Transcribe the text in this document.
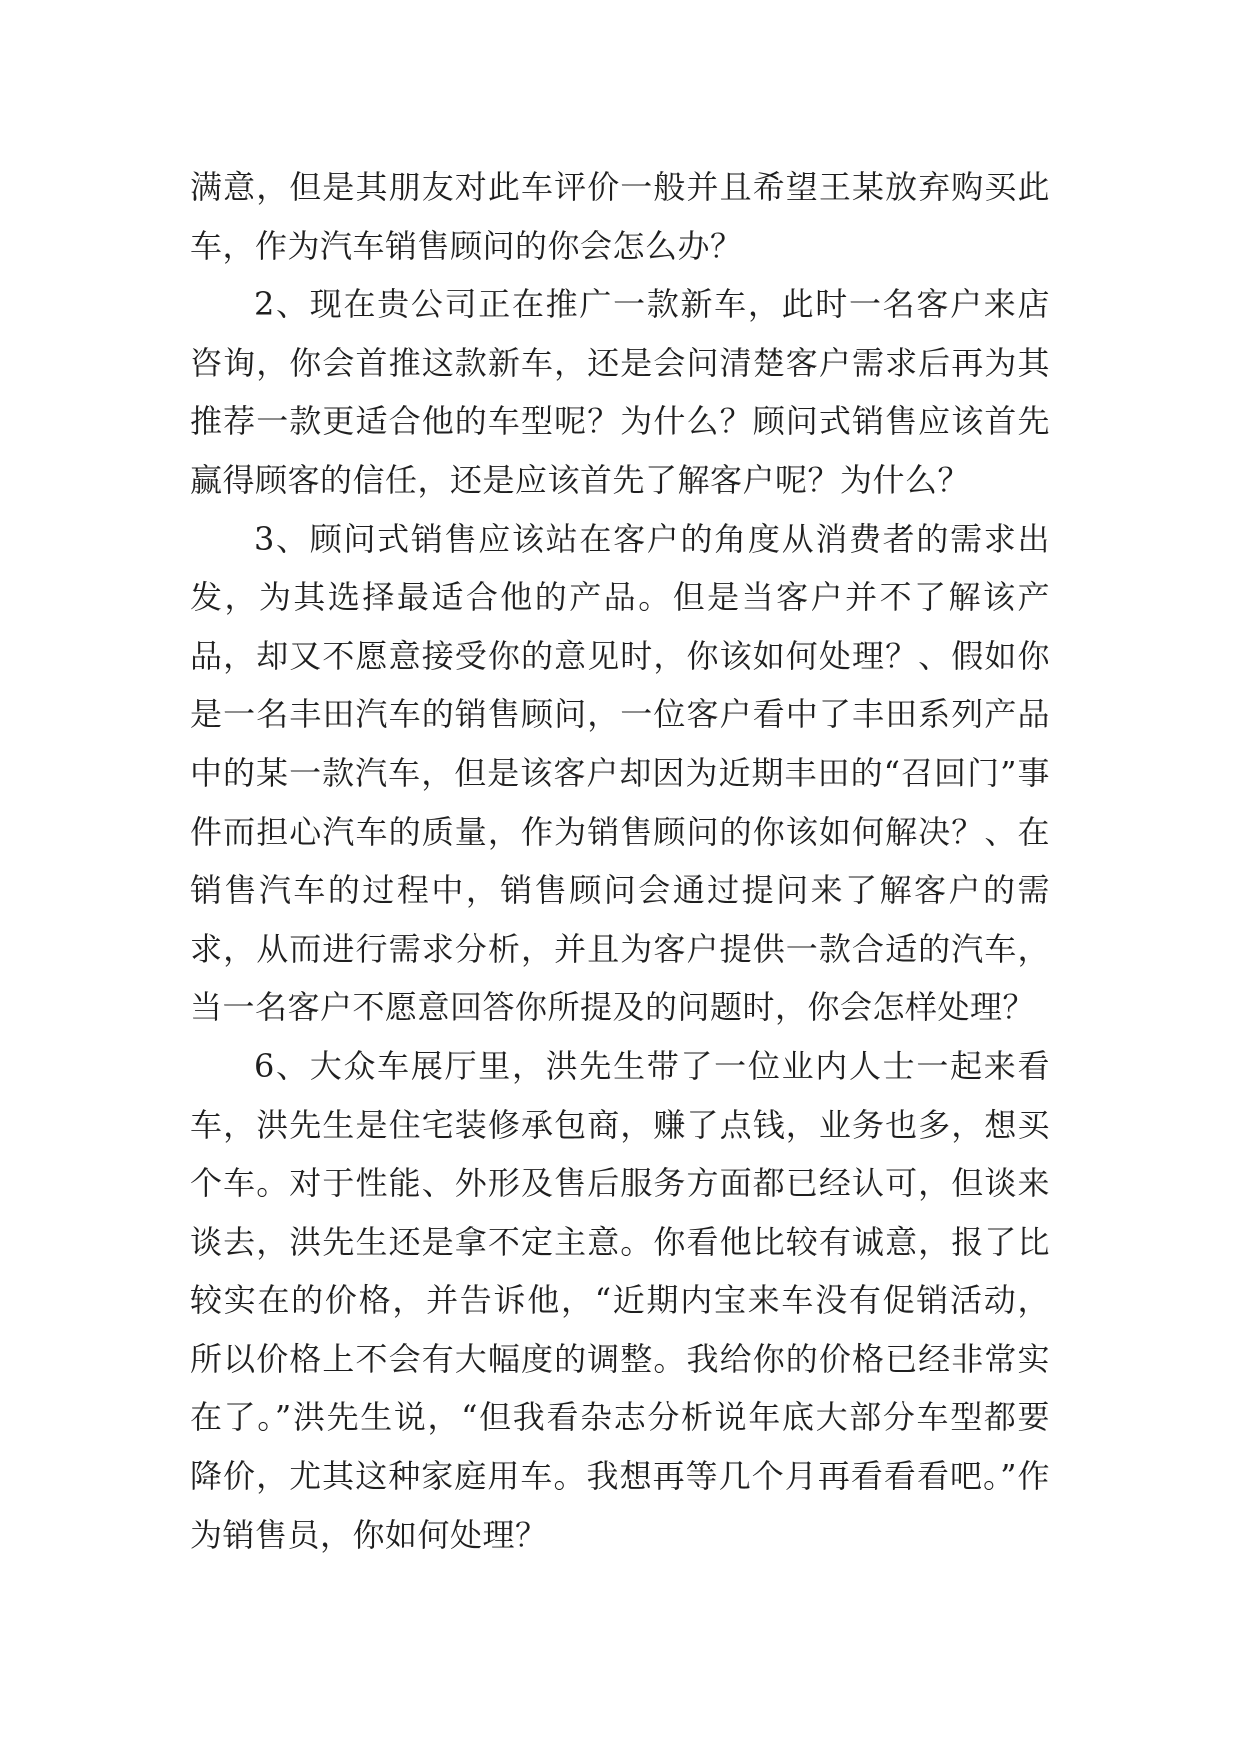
满意，但是其朋友对此车评价一般并且希望王某放弃购买此车，作为汽车销售顾问的你会怎么办？

2、现在贵公司正在推广一款新车，此时一名客户来店咨询，你会首推这款新车，还是会问清楚客户需求后再为其推荐一款更适合他的车型呢？为什么？顾问式销售应该首先赢得顾客的信任，还是应该首先了解客户呢？为什么？

3、顾问式销售应该站在客户的角度从消费者的需求出发，为其选择最适合他的产品。但是当客户并不了解该产品，却又不愿意接受你的意见时，你该如何处理？、假如你是一名丰田汽车的销售顾问，一位客户看中了丰田系列产品中的某一款汽车，但是该客户却因为近期丰田的“召回门”事件而担心汽车的质量，作为销售顾问的你该如何解决？、在销售汽车的过程中，销售顾问会通过提问来了解客户的需求，从而进行需求分析，并且为客户提供一款合适的汽车，当一名客户不愿意回答你所提及的问题时，你会怎样处理？

6、大众车展厅里，洪先生带了一位业内人士一起来看车，洪先生是住宅装修承包商，赚了点钱，业务也多，想买个车。对于性能、外形及售后服务方面都已经认可，但谈来谈去，洪先生还是拿不定主意。你看他比较有诚意，报了比较实在的价格，并告诉他，“近期内宝来车没有促销活动，所以价格上不会有大幅度的调整。我给你的价格已经非常实在了。”洪先生说，“但我看杂志分析说年底大部分车型都要降价，尤其这种家庭用车。我想再等几个月再看看看吧。”作为销售员，你如何处理？
